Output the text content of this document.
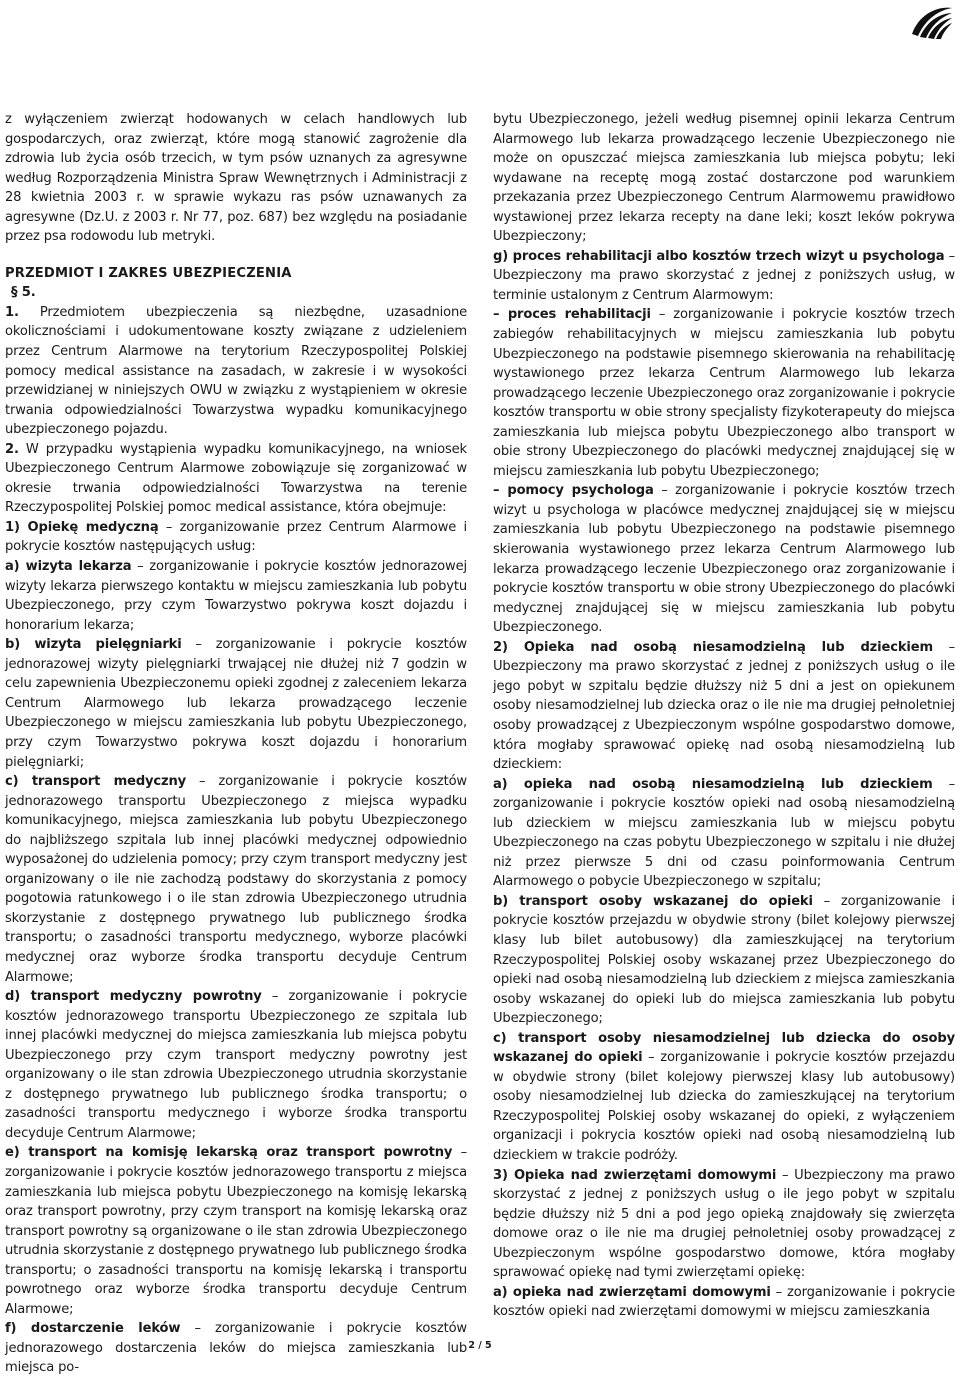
z wyłączeniem zwierząt hodowanych w celach handlowych lub gospodarczych, oraz zwierząt, które mogą stanowić zagrożenie dla zdrowia lub życia osób trzecich, w tym psów uznanych za agresywne według Rozporządzenia Ministra Spraw Wewnętrznych i Administracji z 28 kwietnia 2003 r. w sprawie wykazu ras psów uznawanych za agresywne (Dz.U. z 2003 r. Nr 77, poz. 687) bez względu na posiadanie przez psa rodowodu lub metryki.

PRZEDMIOT I ZAKRES UBEZPIECZENIA

§ 5.

1. Przedmiotem ubezpieczenia są niezbędne, uzasadnione okolicznościami i udokumentowane koszty związane z udzieleniem przez Centrum Alarmowe na terytorium Rzeczypospolitej Polskiej pomocy medical assistance na zasadach, w zakresie i w wysokości przewidzianej w niniejszych OWU w związku z wystąpieniem w okresie trwania odpowiedzialności Towarzystwa wypadku komunikacyjnego ubezpieczonego pojazdu.

2. W przypadku wystąpienia wypadku komunikacyjnego, na wniosek Ubezpieczonego Centrum Alarmowe zobowiązuje się zorganizować w okresie trwania odpowiedzialności Towarzystwa na terenie Rzeczypospolitej Polskiej pomoc medical assistance, która obejmuje:

1) Opiekę medyczną – zorganizowanie przez Centrum Alarmowe i pokrycie kosztów następujących usług:

a) wizyta lekarza – zorganizowanie i pokrycie kosztów jednorazowej wizyty lekarza pierwszego kontaktu w miejscu zamieszkania lub pobytu Ubezpieczonego, przy czym Towarzystwo pokrywa koszt dojazdu i honorarium lekarza;

b) wizyta pielęgniarki – zorganizowanie i pokrycie kosztów jednorazowej wizyty pielęgniarki trwającej nie dłużej niż 7 godzin w celu zapewnienia Ubezpieczonemu opieki zgodnej z zaleceniem lekarza Centrum Alarmowego lub lekarza prowadzącego leczenie Ubezpieczonego w miejscu zamieszkania lub pobytu Ubezpieczonego, przy czym Towarzystwo pokrywa koszt dojazdu i honorarium pielęgniarki;

c) transport medyczny – zorganizowanie i pokrycie kosztów jednorazowego transportu Ubezpieczonego z miejsca wypadku komunikacyjnego, miejsca zamieszkania lub pobytu Ubezpieczonego do najbliższego szpitala lub innej placówki medycznej odpowiednio wyposażonej do udzielenia pomocy; przy czym transport medyczny jest organizowany o ile nie zachodzą podstawy do skorzystania z pomocy pogotowia ratunkowego i o ile stan zdrowia Ubezpieczonego utrudnia skorzystanie z dostępnego prywatnego lub publicznego środka transportu; o zasadności transportu medycznego, wyborze placówki medycznej oraz wyborze środka transportu decyduje Centrum Alarmowe;

d) transport medyczny powrotny – zorganizowanie i pokrycie kosztów jednorazowego transportu Ubezpieczonego ze szpitala lub innej placówki medycznej do miejsca zamieszkania lub miejsca pobytu Ubezpieczonego przy czym transport medyczny powrotny jest organizowany o ile stan zdrowia Ubezpieczonego utrudnia skorzystanie z dostępnego prywatnego lub publicznego środka transportu; o zasadności transportu medycznego i wyborze środka transportu decyduje Centrum Alarmowe;

e) transport na komisję lekarską oraz transport powrotny – zorganizowanie i pokrycie kosztów jednorazowego transportu z miejsca zamieszkania lub miejsca pobytu Ubezpieczonego na komisję lekarską oraz transport powrotny, przy czym transport na komisję lekarską oraz transport powrotny są organizowane o ile stan zdrowia Ubezpieczonego utrudnia skorzystanie z dostępnego prywatnego lub publicznego środka transportu; o zasadności transportu na komisję lekarską i transportu powrotnego oraz wyborze środka transportu decyduje Centrum Alarmowe;

f) dostarczenie leków – zorganizowanie i pokrycie kosztów jednorazowego dostarczenia leków do miejsca zamieszkania lub miejsca po-

bytu Ubezpieczonego, jeżeli według pisemnej opinii lekarza Centrum Alarmowego lub lekarza prowadzącego leczenie Ubezpieczonego nie może on opuszczać miejsca zamieszkania lub miejsca pobytu; leki wydawane na receptę mogą zostać dostarczone pod warunkiem przekazania przez Ubezpieczonego Centrum Alarmowemu prawidłowo wystawionej przez lekarza recepty na dane leki; koszt leków pokrywa Ubezpieczony;

g) proces rehabilitacji albo kosztów trzech wizyt u psychologa – Ubezpieczony ma prawo skorzystać z jednej z poniższych usług, w terminie ustalonym z Centrum Alarmowym:

– proces rehabilitacji – zorganizowanie i pokrycie kosztów trzech zabiegów rehabilitacyjnych w miejscu zamieszkania lub pobytu Ubezpieczonego na podstawie pisemnego skierowania na rehabilitację wystawionego przez lekarza Centrum Alarmowego lub lekarza prowadzącego leczenie Ubezpieczonego oraz zorganizowanie i pokrycie kosztów transportu w obie strony specjalisty fizykoterapeuty do miejsca zamieszkania lub miejsca pobytu Ubezpieczonego albo transport w obie strony Ubezpieczonego do placówki medycznej znajdującej się w miejscu zamieszkania lub pobytu Ubezpieczonego;

– pomocy psychologa – zorganizowanie i pokrycie kosztów trzech wizyt u psychologa w placówce medycznej znajdującej się w miejscu zamieszkania lub pobytu Ubezpieczonego na podstawie pisemnego skierowania wystawionego przez lekarza Centrum Alarmowego lub lekarza prowadzącego leczenie Ubezpieczonego oraz zorganizowanie i pokrycie kosztów transportu w obie strony Ubezpieczonego do placówki medycznej znajdującej się w miejscu zamieszkania lub pobytu Ubezpieczonego.

2) Opieka nad osobą niesamodzielną lub dzieckiem – Ubezpieczony ma prawo skorzystać z jednej z poniższych usług o ile jego pobyt w szpitalu będzie dłuższy niż 5 dni a jest on opiekunem osoby niesamodzielnej lub dziecka oraz o ile nie ma drugiej pełnoletniej osoby prowadzącej z Ubezpieczonym wspólne gospodarstwo domowe, która mogłaby sprawować opiekę nad osobą niesamodzielną lub dzieckiem:

a) opieka nad osobą niesamodzielną lub dzieckiem – zorganizowanie i pokrycie kosztów opieki nad osobą niesamodzielną lub dzieckiem w miejscu zamieszkania lub w miejscu pobytu Ubezpieczonego na czas pobytu Ubezpieczonego w szpitalu i nie dłużej niż przez pierwsze 5 dni od czasu poinformowania Centrum Alarmowego o pobycie Ubezpieczonego w szpitalu;

b) transport osoby wskazanej do opieki – zorganizowanie i pokrycie kosztów przejazdu w obydwie strony (bilet kolejowy pierwszej klasy lub bilet autobusowy) dla zamieszkującej na terytorium Rzeczypospolitej Polskiej osoby wskazanej przez Ubezpieczonego do opieki nad osobą niesamodzielną lub dzieckiem z miejsca zamieszkania osoby wskazanej do opieki lub do miejsca zamieszkania lub pobytu Ubezpieczonego;

c) transport osoby niesamodzielnej lub dziecka do osoby wskazanej do opieki – zorganizowanie i pokrycie kosztów przejazdu w obydwie strony (bilet kolejowy pierwszej klasy lub autobusowy) osoby niesamodzielnej lub dziecka do zamieszkującej na terytorium Rzeczypospolitej Polskiej osoby wskazanej do opieki, z wyłączeniem organizacji i pokrycia kosztów opieki nad osobą niesamodzielną lub dzieckiem w trakcie podróży.

3) Opieka nad zwierzętami domowymi – Ubezpieczony ma prawo skorzystać z jednej z poniższych usług o ile jego pobyt w szpitalu będzie dłuższy niż 5 dni a pod jego opieką znajdowały się zwierzęta domowe oraz o ile nie ma drugiej pełnoletniej osoby prowadzącej z Ubezpieczonym wspólne gospodarstwo domowe, która mogłaby sprawować opiekę nad tymi zwierzętami opiekę:

a) opieka nad zwierzętami domowymi – zorganizowanie i pokrycie kosztów opieki nad zwierzętami domowymi w miejscu zamieszkania

2 / 5
